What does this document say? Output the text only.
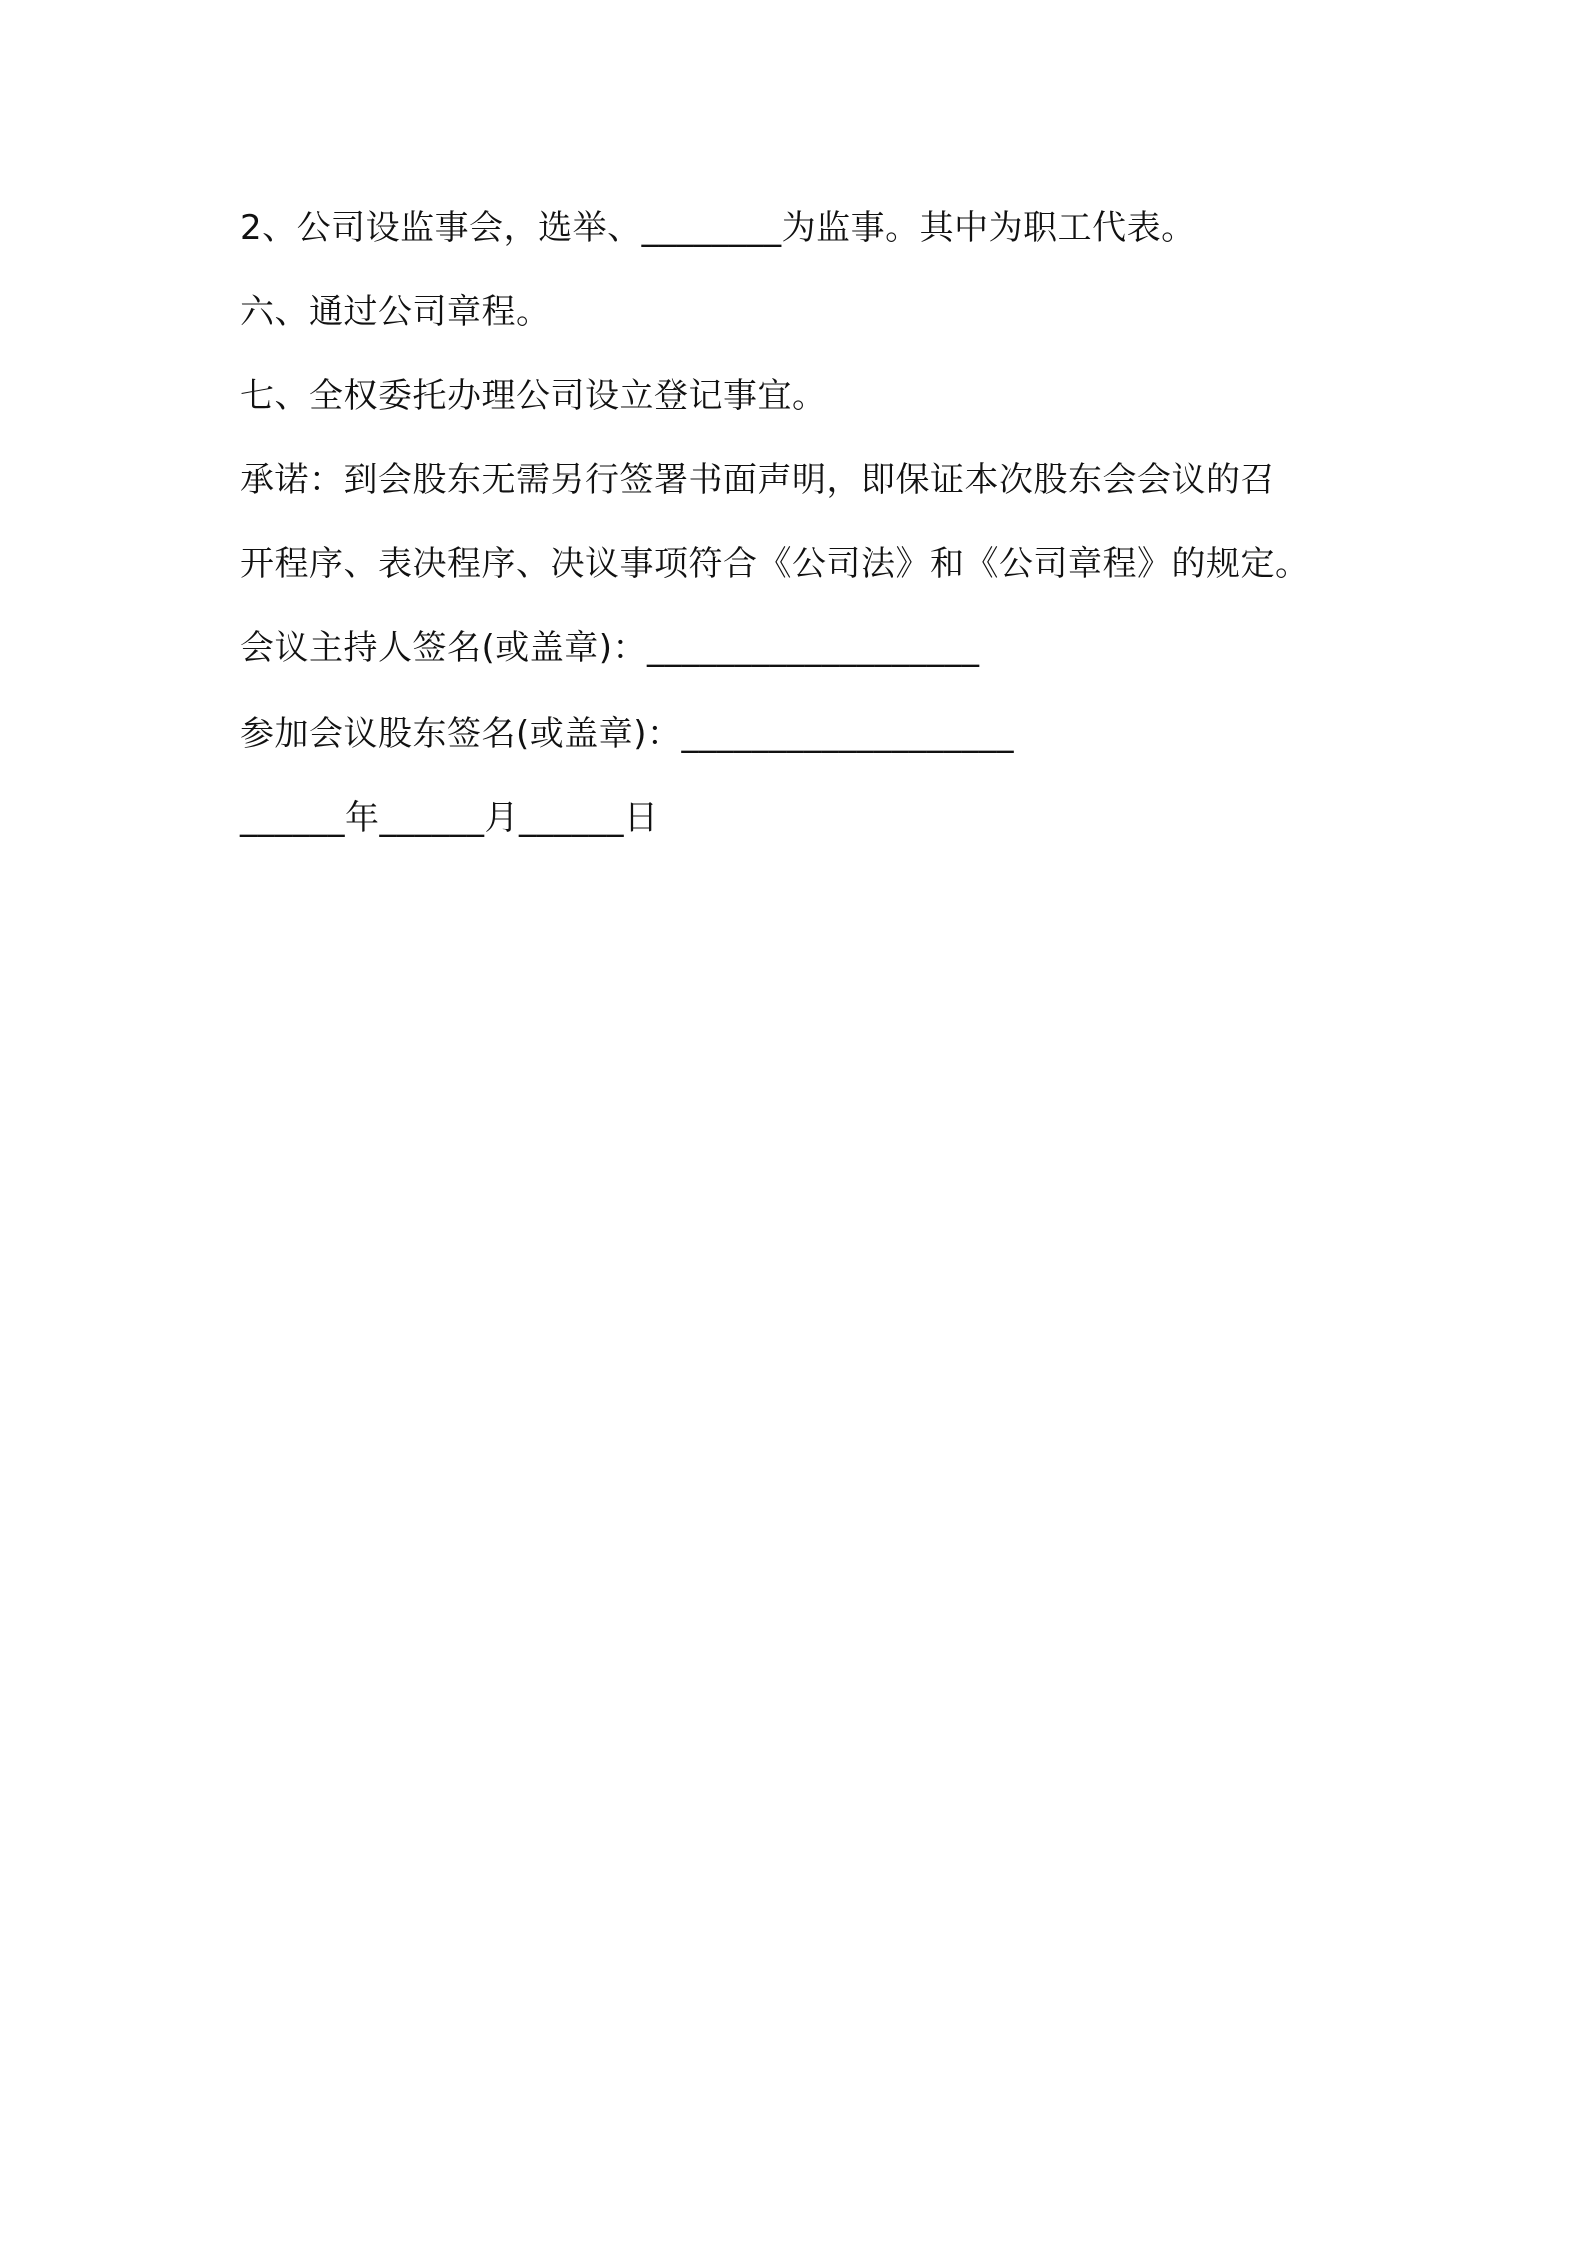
2、公司设监事会，选举、________为监事。其中为职工代表。
六、通过公司章程。
七、全权委托办理公司设立登记事宜。
承诺：到会股东无需另行签署书面声明，即保证本次股东会会议的召
开程序、表决程序、决议事项符合《公司法》和《公司章程》的规定。
会议主持人签名(或盖章)：___________________
参加会议股东签名(或盖章)：___________________
______年______月______日
